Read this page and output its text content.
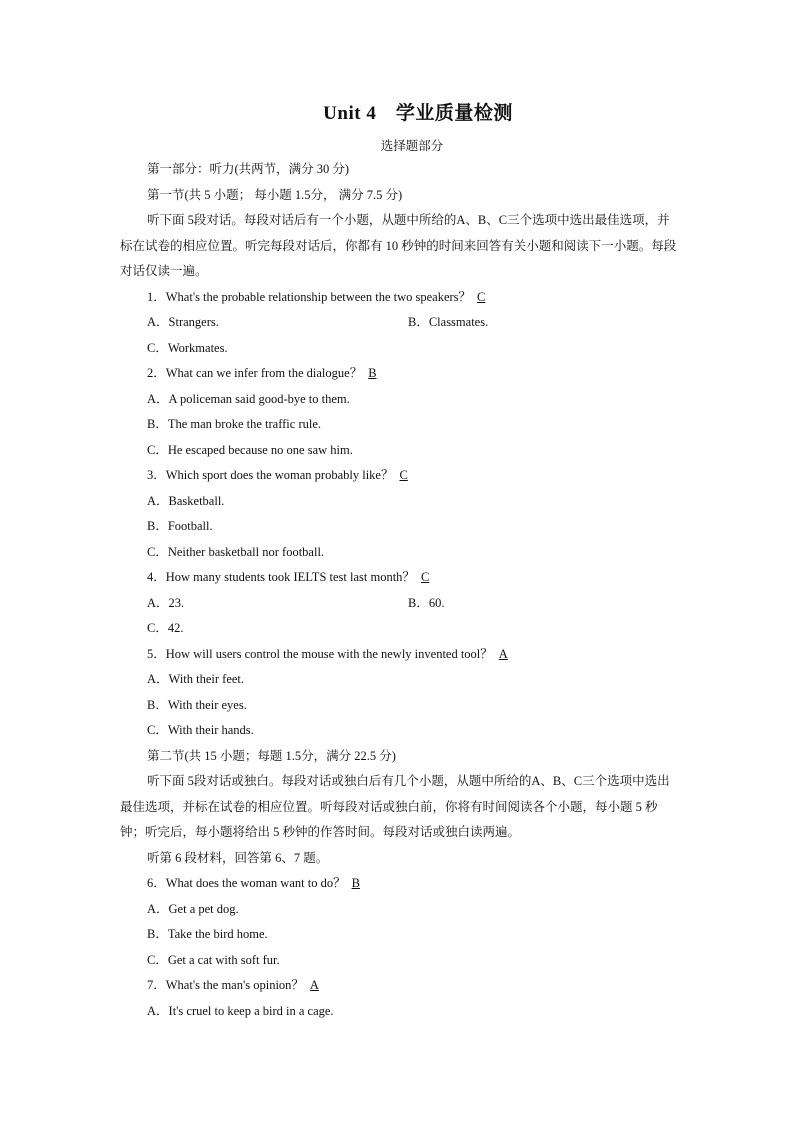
Unit 4　学业质量检测
选择题部分
第一部分：听力(共两节，满分 30 分)
第一节(共 5 小题； 每小题 1.5分， 满分 7.5 分)
听下面 5段对话。每段对话后有一个小题，从题中所给的A、B、C三个选项中选出最佳选项，并标在试卷的相应位置。听完每段对话后，你都有 10 秒钟的时间来回答有关小题和阅读下一小题。每段对话仅读一遍。
1．What's the probable relationship between the two speakers？ C
A．Strangers.	B．Classmates.
C．Workmates.
2．What can we infer from the dialogue？ B
A．A policeman said good-bye to them.
B．The man broke the traffic rule.
C．He escaped because no one saw him.
3．Which sport does the woman probably like？ C
A．Basketball.
B．Football.
C．Neither basketball nor football.
4．How many students took IELTS test last month？ C
A．23.	B．60.
C．42.
5．How will users control the mouse with the newly invented tool？ A
A．With their feet.
B．With their eyes.
C．With their hands.
第二节(共 15 小题；每题 1.5分，满分 22.5 分)
听下面 5段对话或独白。每段对话或独白后有几个小题，从题中所给的A、B、C三个选项中选出最佳选项，并标在试卷的相应位置。听每段对话或独白前，你将有时间阅读各个小题，每小题 5 秒钟；听完后，每小题将给出 5 秒钟的作答时间。每段对话或独白读两遍。
听第 6 段材料，回答第 6、7 题。
6．What does the woman want to do？ B
A．Get a pet dog.
B．Take the bird home.
C．Get a cat with soft fur.
7．What's the man's opinion？ A
A．It's cruel to keep a bird in a cage.
